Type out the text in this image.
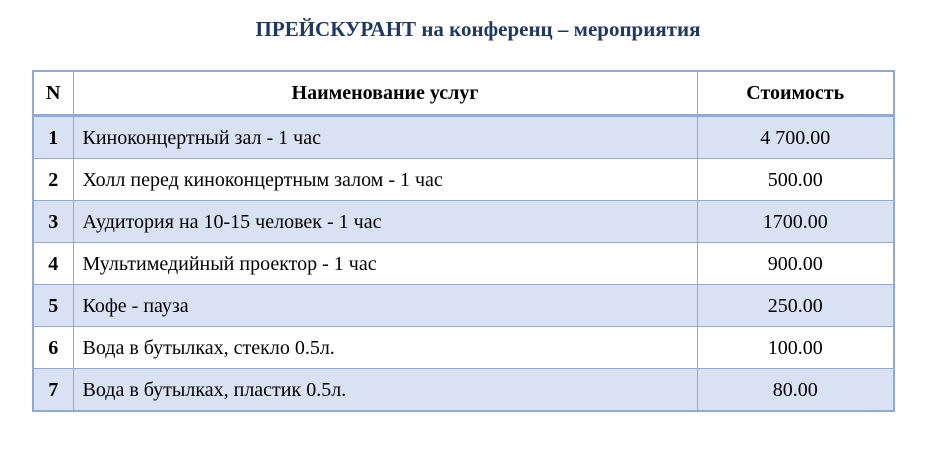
ПРЕЙСКУРАНТ на конференц – мероприятия
N	Наименование услуг	Стоимость
1	Киноконцертный зал - 1 час	4 700.00
2	Холл перед киноконцертным залом - 1 час	500.00
3	Аудитория на 10-15 человек - 1 час	1700.00
4	Мультимедийный проектор - 1 час	900.00
5	Кофе - пауза	250.00
6	Вода в бутылках, стекло 0.5л.	100.00
7	Вода в бутылках, пластик 0.5л.	80.00
